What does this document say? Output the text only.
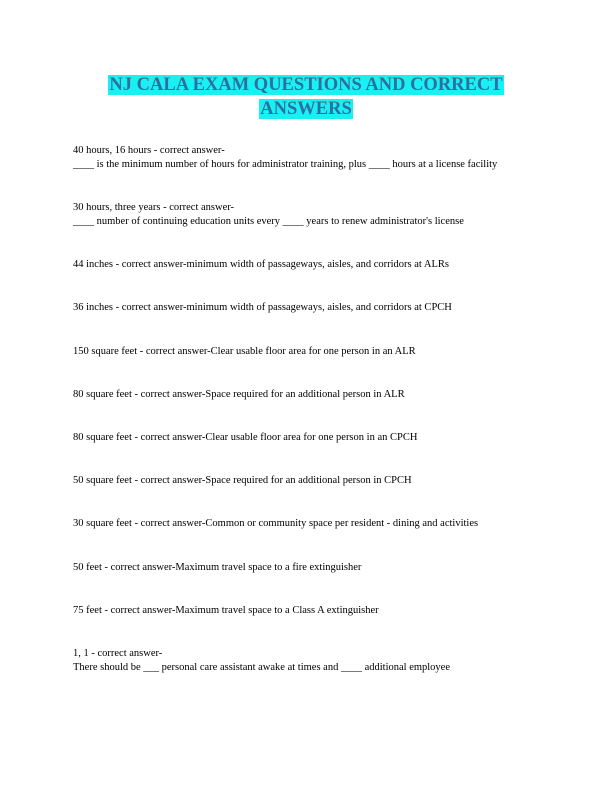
NJ CALA EXAM QUESTIONS AND CORRECT
ANSWERS
40 hours, 16 hours - correct answer-
____ is the minimum number of hours for administrator training, plus ____ hours at a license facility
30 hours, three years - correct answer-
____ number of continuing education units every ____ years to renew administrator's license
44 inches - correct answer-minimum width of passageways, aisles, and corridors at ALRs
36 inches - correct answer-minimum width of passageways, aisles, and corridors at CPCH
150 square feet - correct answer-Clear usable floor area for one person in an ALR
80 square feet - correct answer-Space required for an additional person in ALR
80 square feet - correct answer-Clear usable floor area for one person in an CPCH
50 square feet - correct answer-Space required for an additional person in CPCH
30 square feet - correct answer-Common or community space per resident - dining and activities
50 feet - correct answer-Maximum travel space to a fire extinguisher
75 feet - correct answer-Maximum travel space to a Class A extinguisher
1, 1 - correct answer-
There should be ___ personal care assistant awake at times and ____ additional employee
